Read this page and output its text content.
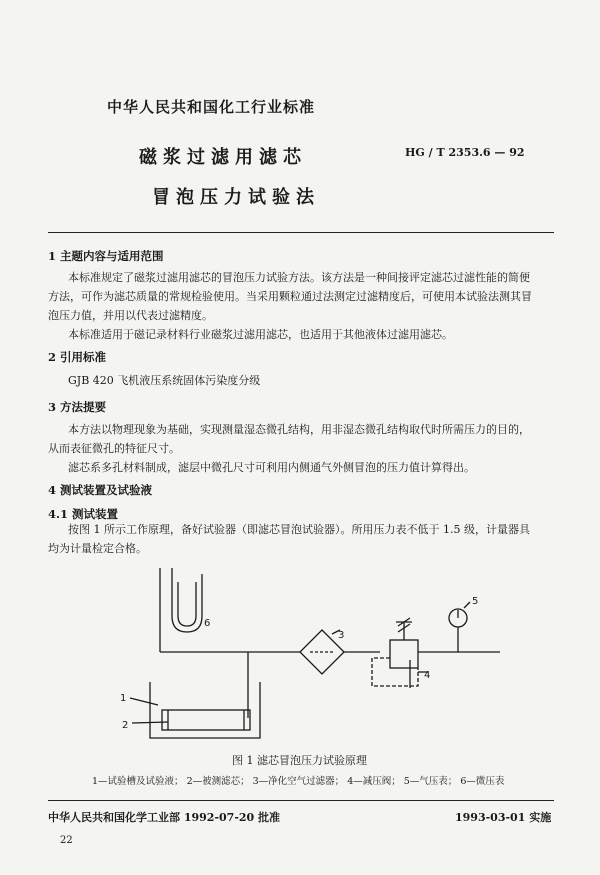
中华人民共和国化工行业标准
磁浆过滤用滤芯
冒泡压力试验法
HG / T 2353.6 — 92
1 主题内容与适用范围
本标准规定了磁浆过滤用滤芯的冒泡压力试验方法。该方法是一种间接评定滤芯过滤性能的简便
方法，可作为滤芯质量的常规检验使用。当采用颗粒通过法测定过滤精度后，可使用本试验法测其冒
泡压力值，并用以代表过滤精度。
本标准适用于磁记录材料行业磁浆过滤用滤芯，也适用于其他液体过滤用滤芯。
2 引用标准
GJB 420 飞机液压系统固体污染度分级
3 方法提要
本方法以物理现象为基础，实现测量湿态微孔结构，用非湿态微孔结构取代时所需压力的目的，
从而表征微孔的特征尺寸。
滤芯系多孔材料制成，滤层中微孔尺寸可利用内侧通气外侧冒泡的压力值计算得出。
4 测试装置及试验液
4.1 测试装置
按图 1 所示工作原理，备好试验器（即滤芯冒泡试验器）。所用压力表不低于 1.5 级，计量器具
均为计量检定合格。
1
2
3
4
5
6
图 1 滤芯冒泡压力试验原理
1—试验槽及试验液； 2—被测滤芯； 3—净化空气过滤器； 4—减压阀； 5—气压表； 6—微压表
中华人民共和国化学工业部 1992-07-20 批准	1993-03-01 实施
22
